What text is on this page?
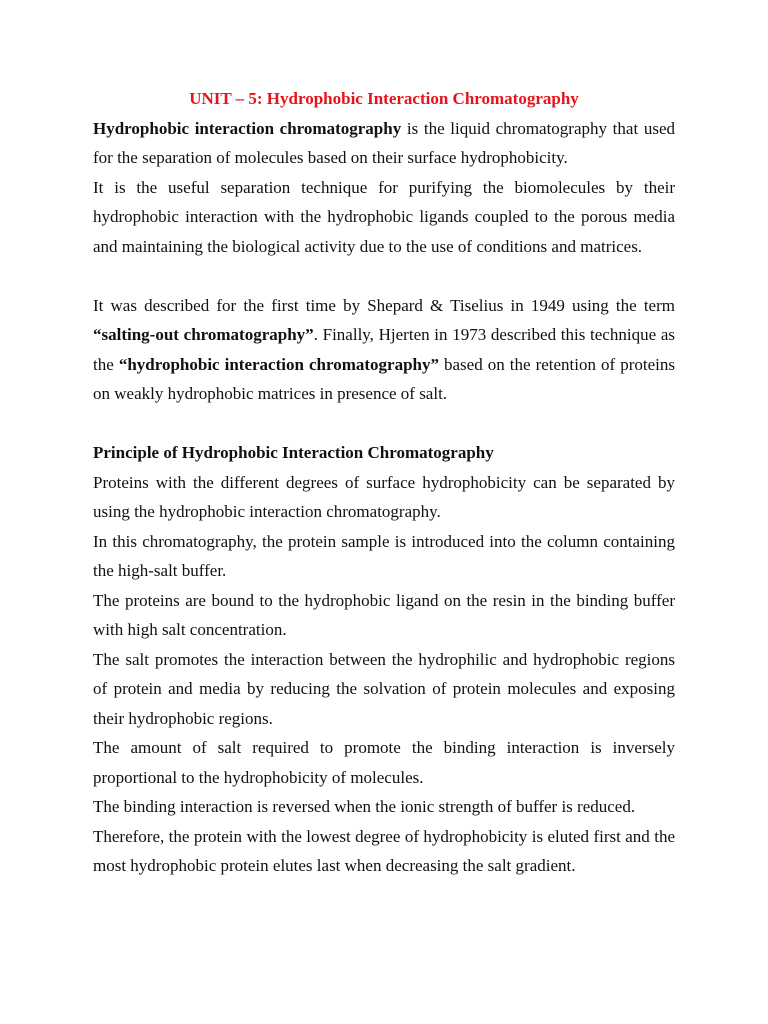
UNIT – 5: Hydrophobic Interaction Chromatography

Hydrophobic interaction chromatography is the liquid chromatography that used for the separation of molecules based on their surface hydrophobicity.

It is the useful separation technique for purifying the biomolecules by their hydrophobic interaction with the hydrophobic ligands coupled to the porous media and maintaining the biological activity due to the use of conditions and matrices.

It was described for the first time by Shepard & Tiselius in 1949 using the term “salting-out chromatography”. Finally, Hjerten in 1973 described this technique as the “hydrophobic interaction chromatography” based on the retention of proteins on weakly hydrophobic matrices in presence of salt.

Principle of Hydrophobic Interaction Chromatography

Proteins with the different degrees of surface hydrophobicity can be separated by using the hydrophobic interaction chromatography.

In this chromatography, the protein sample is introduced into the column containing the high-salt buffer.

The proteins are bound to the hydrophobic ligand on the resin in the binding buffer with high salt concentration.

The salt promotes the interaction between the hydrophilic and hydrophobic regions of protein and media by reducing the solvation of protein molecules and exposing their hydrophobic regions.

The amount of salt required to promote the binding interaction is inversely proportional to the hydrophobicity of molecules.

The binding interaction is reversed when the ionic strength of buffer is reduced.

Therefore, the protein with the lowest degree of hydrophobicity is eluted first and the most hydrophobic protein elutes last when decreasing the salt gradient.
